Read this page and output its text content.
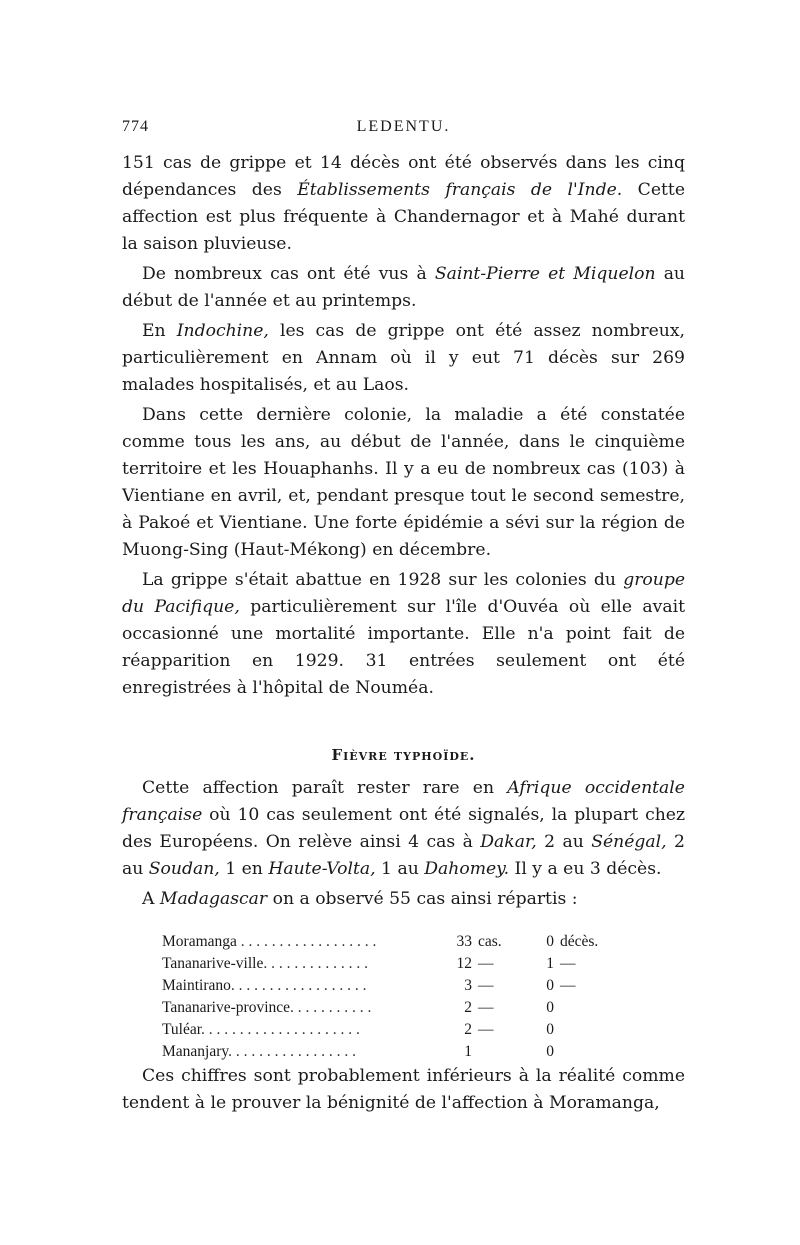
774	LEDENTU.

151 cas de grippe et 14 décès ont été observés dans les cinq dépendances des Établissements français de l'Inde. Cette affection est plus fréquente à Chandernagor et à Mahé durant la saison pluvieuse.

De nombreux cas ont été vus à Saint-Pierre et Miquelon au début de l'année et au printemps.

En Indochine, les cas de grippe ont été assez nombreux, particulièrement en Annam où il y eut 71 décès sur 269 malades hospitalisés, et au Laos.

Dans cette dernière colonie, la maladie a été constatée comme tous les ans, au début de l'année, dans le cinquième territoire et les Houaphanhs. Il y a eu de nombreux cas (103) à Vientiane en avril, et, pendant presque tout le second semestre, à Pakoé et Vientiane. Une forte épidémie a sévi sur la région de Muong-Sing (Haut-Mékong) en décembre.

La grippe s'était abattue en 1928 sur les colonies du groupe du Pacifique, particulièrement sur l'île d'Ouvéa où elle avait occasionné une mortalité importante. Elle n'a point fait de réapparition en 1929. 31 entrées seulement ont été enregistrées à l'hôpital de Nouméa.

Fièvre typhoïde.

Cette affection paraît rester rare en Afrique occidentale française où 10 cas seulement ont été signalés, la plupart chez des Européens. On relève ainsi 4 cas à Dakar, 2 au Sénégal, 2 au Soudan, 1 en Haute-Volta, 1 au Dahomey. Il y a eu 3 décès.

A Madagascar on a observé 55 cas ainsi répartis :

Moramanga . . . . . . . . . . . . . . . . . .	33	cas.	0	décès.
Tananarive-ville. . . . . . . . . . . . . .	12	—	1	—
Maintirano. . . . . . . . . . . . . . . . . .	3	—	0	—
Tananarive-province. . . . . . . . . . .	2	—	0	
Tuléar. . . . . . . . . . . . . . . . . . . . .	2	—	0	
Mananjary. . . . . . . . . . . . . . . . .	1		0	

Ces chiffres sont probablement inférieurs à la réalité comme tendent à le prouver la bénignité de l'affection à Moramanga,
